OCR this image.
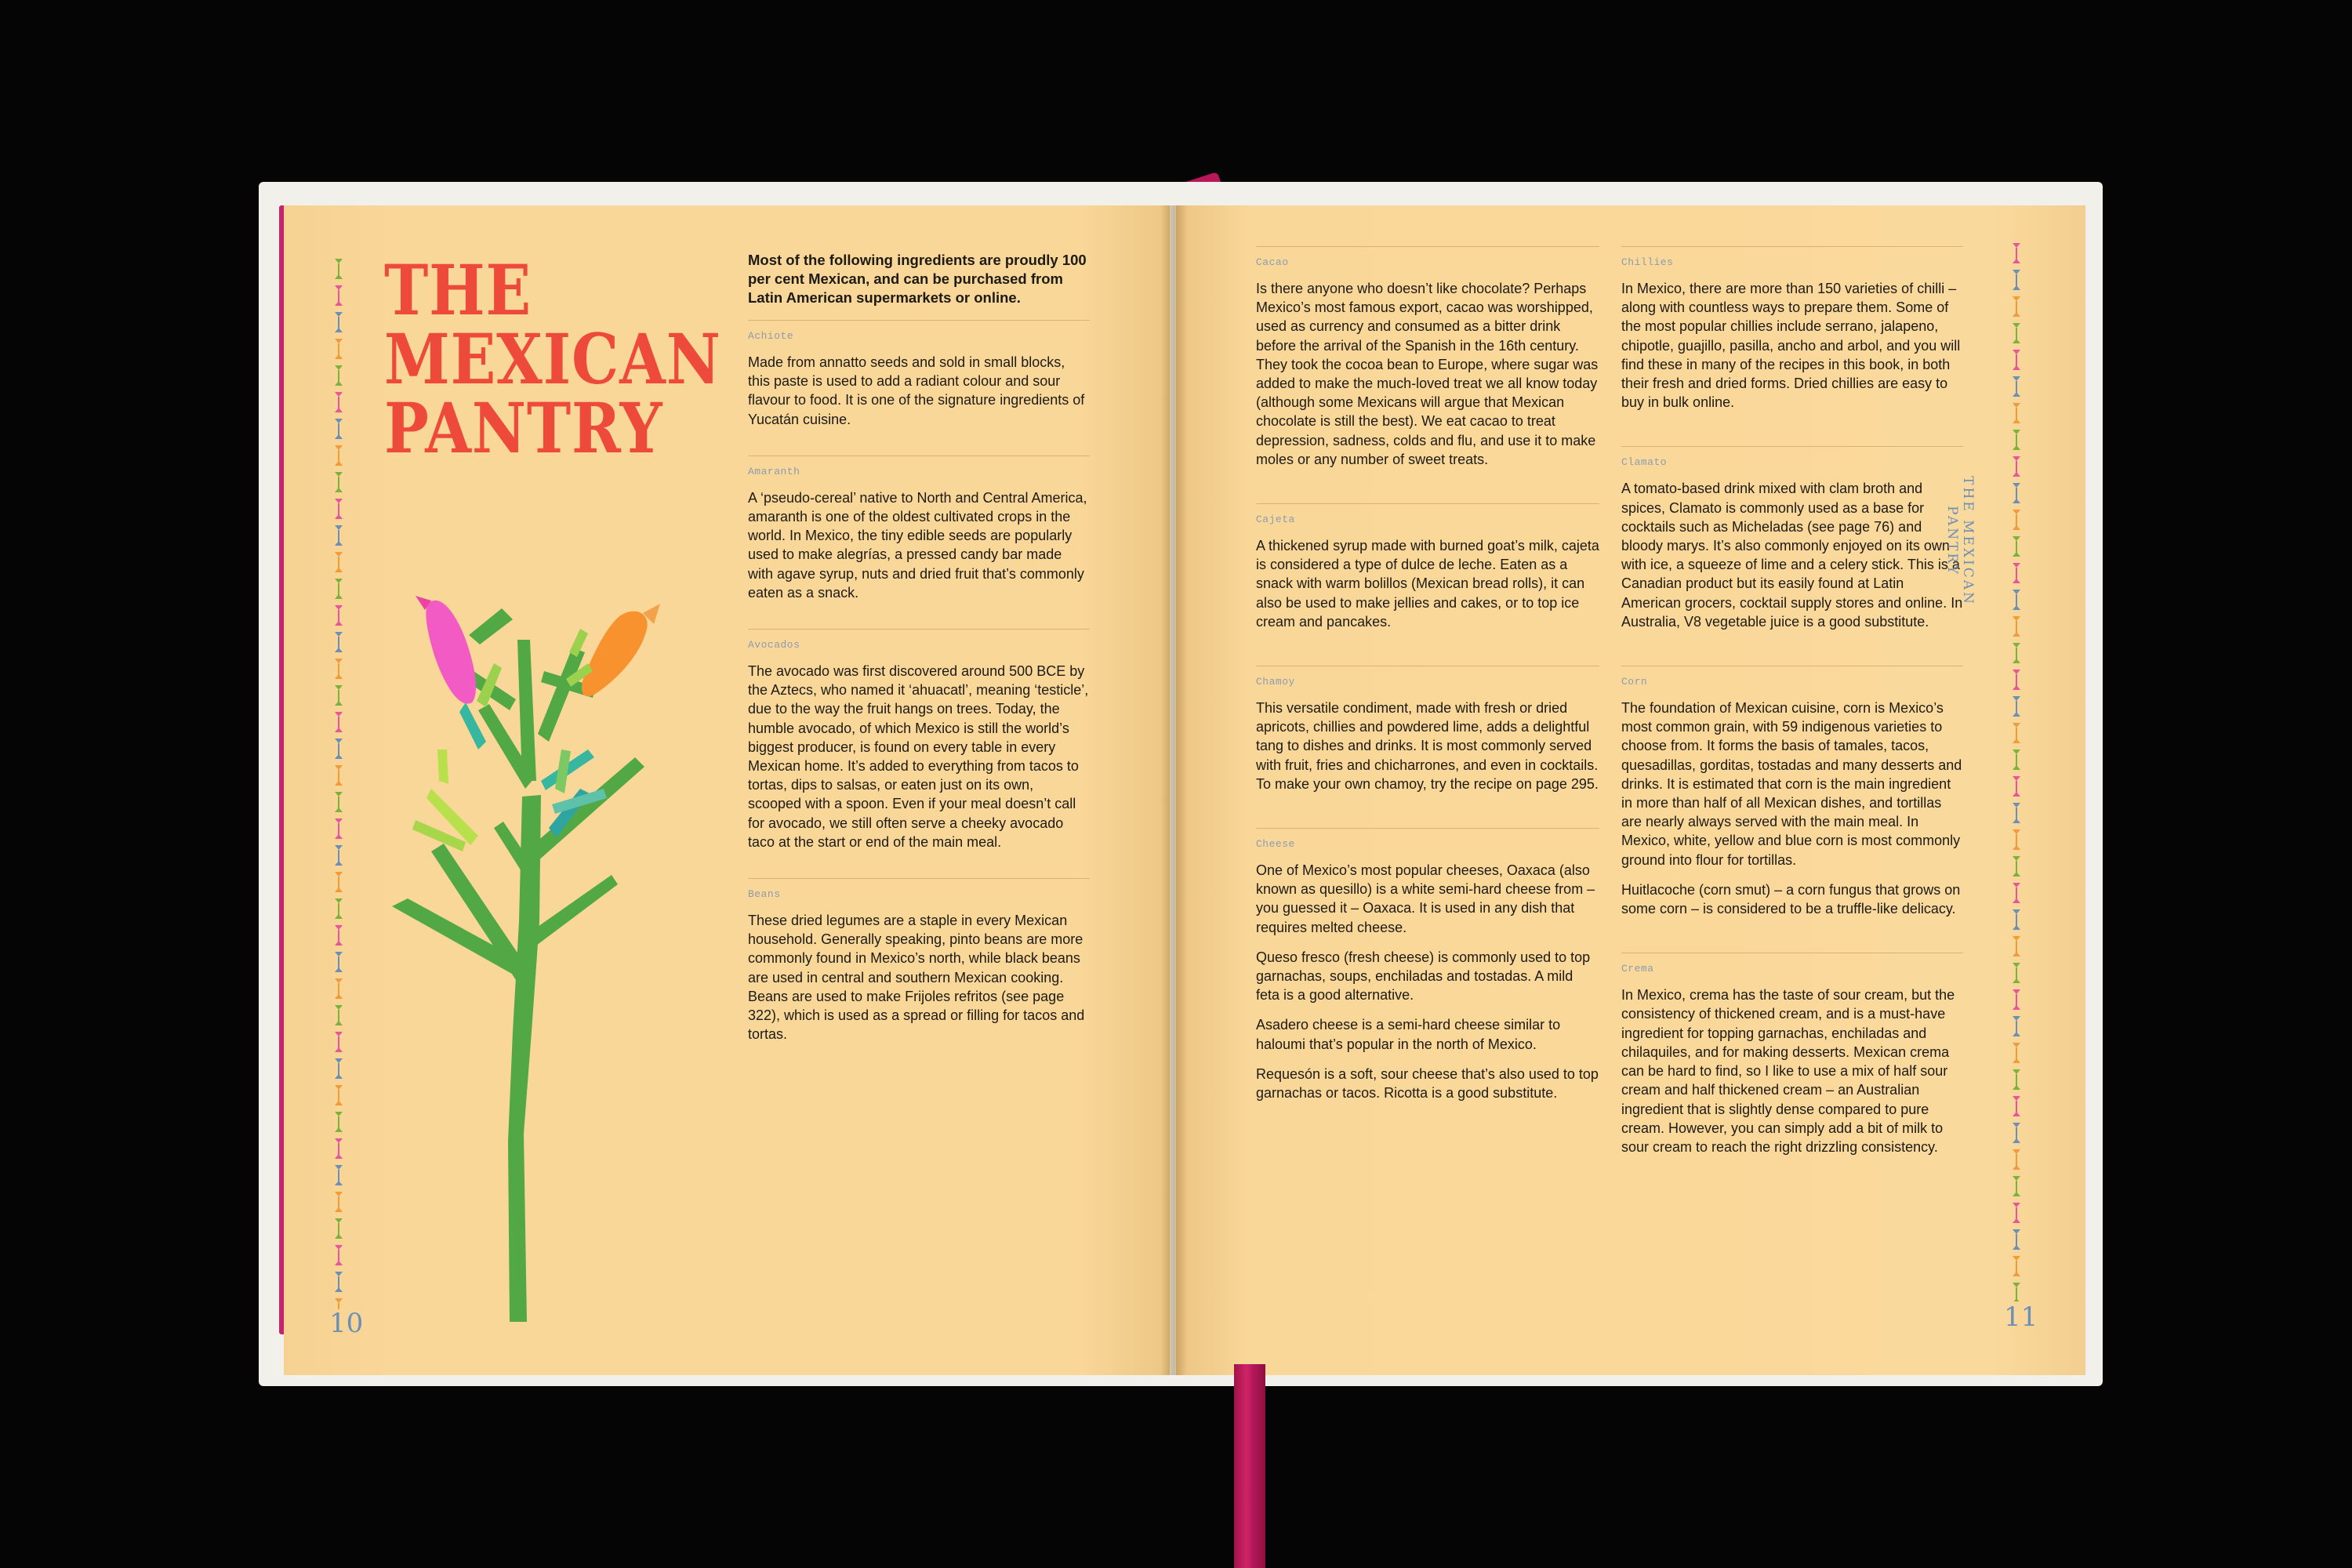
THE
MEXICAN
PANTRY

Most of the following ingredients are proudly 100 per cent Mexican, and can be purchased from Latin American supermarkets or online.

Achiote

Made from annatto seeds and sold in small blocks, this paste is used to add a radiant colour and sour flavour to food. It is one of the signature ingredients of Yucatán cuisine.

Amaranth

A ‘pseudo-cereal’ native to North and Central America, amaranth is one of the oldest cultivated crops in the world. In Mexico, the tiny edible seeds are popularly used to make alegrías, a pressed candy bar made with agave syrup, nuts and dried fruit that’s commonly eaten as a snack.

Avocados

The avocado was first discovered around 500 BCE by the Aztecs, who named it ‘ahuacatl’, meaning ‘testicle’, due to the way the fruit hangs on trees. Today, the humble avocado, of which Mexico is still the world’s biggest producer, is found on every table in every Mexican home. It’s added to everything from tacos to tortas, dips to salsas, or eaten just on its own, scooped with a spoon. Even if your meal doesn’t call for avocado, we still often serve a cheeky avocado taco at the start or end of the main meal.

Beans

These dried legumes are a staple in every Mexican household. Generally speaking, pinto beans are more commonly found in Mexico’s north, while black beans are used in central and southern Mexican cooking. Beans are used to make Frijoles refritos (see page 322), which is used as a spread or filling for tacos and tortas.

Cacao

Is there anyone who doesn’t like chocolate? Perhaps Mexico’s most famous export, cacao was worshipped, used as currency and consumed as a bitter drink before the arrival of the Spanish in the 16th century. They took the cocoa bean to Europe, where sugar was added to make the much-loved treat we all know today (although some Mexicans will argue that Mexican chocolate is still the best). We eat cacao to treat depression, sadness, colds and flu, and use it to make moles or any number of sweet treats.

Cajeta

A thickened syrup made with burned goat’s milk, cajeta is considered a type of dulce de leche. Eaten as a snack with warm bolillos (Mexican bread rolls), it can also be used to make jellies and cakes, or to top ice cream and pancakes.

Chamoy

This versatile condiment, made with fresh or dried apricots, chillies and powdered lime, adds a delightful tang to dishes and drinks. It is most commonly served with fruit, fries and chicharrones, and even in cocktails. To make your own chamoy, try the recipe on page 295.

Cheese

One of Mexico’s most popular cheeses, Oaxaca (also known as quesillo) is a white semi-hard cheese from – you guessed it – Oaxaca. It is used in any dish that requires melted cheese.

Queso fresco (fresh cheese) is commonly used to top garnachas, soups, enchiladas and tostadas. A mild feta is a good alternative.

Asadero cheese is a semi-hard cheese similar to haloumi that’s popular in the north of Mexico.

Requesón is a soft, sour cheese that’s also used to top garnachas or tacos. Ricotta is a good substitute.

Chillies

In Mexico, there are more than 150 varieties of chilli – along with countless ways to prepare them. Some of the most popular chillies include serrano, jalapeno, chipotle, guajillo, pasilla, ancho and arbol, and you will find these in many of the recipes in this book, in both their fresh and dried forms. Dried chillies are easy to buy in bulk online.

Clamato

A tomato-based drink mixed with clam broth and spices, Clamato is commonly used as a base for cocktails such as Micheladas (see page 76) and bloody marys. It’s also commonly enjoyed on its own with ice, a squeeze of lime and a celery stick. This is a Canadian product but its easily found at Latin American grocers, cocktail supply stores and online. In Australia, V8 vegetable juice is a good substitute.

Corn

The foundation of Mexican cuisine, corn is Mexico’s most common grain, with 59 indigenous varieties to choose from. It forms the basis of tamales, tacos, quesadillas, gorditas, tostadas and many desserts and drinks. It is estimated that corn is the main ingredient in more than half of all Mexican dishes, and tortillas are nearly always served with the main meal. In Mexico, white, yellow and blue corn is most commonly ground into flour for tortillas.

Huitlacoche (corn smut) – a corn fungus that grows on some corn – is considered to be a truffle-like delicacy.

Crema

In Mexico, crema has the taste of sour cream, but the consistency of thickened cream, and is a must-have ingredient for topping garnachas, enchiladas and chilaquiles, and for making desserts. Mexican crema can be hard to find, so I like to use a mix of half sour cream and half thickened cream – an Australian ingredient that is slightly dense compared to pure cream. However, you can simply add a bit of milk to sour cream to reach the right drizzling consistency.

THE MEXICAN PANTRY
10	11
